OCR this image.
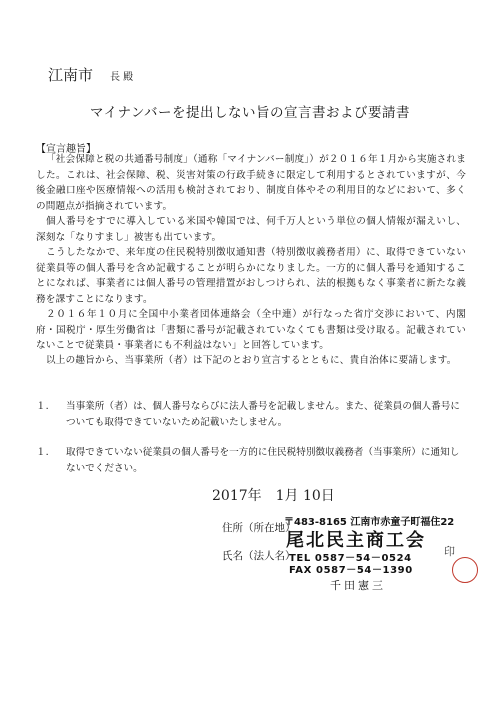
江南市 長 殿
マイナンバーを提出しない旨の宣言書および要請書
【宣言趣旨】
「社会保障と税の共通番号制度」（通称「マイナンバー制度」）が２０１６年１月から実施されました。これは、社会保障、税、災害対策の行政手続きに限定して利用するとされていますが、今後金融口座や医療情報への活用も検討されており、制度自体やその利用目的などにおいて、多くの問題点が指摘されています。
個人番号をすでに導入している米国や韓国では、何千万人という単位の個人情報が漏えいし、深刻な「なりすまし」被害も出ています。
こうしたなかで、来年度の住民税特別徴収通知書（特別徴収義務者用）に、取得できていない従業員等の個人番号を含め記載することが明らかになりました。一方的に個人番号を通知することになれば、事業者には個人番号の管理措置がおしつけられ、法的根拠もなく事業者に新たな義務を課すことになります。
２０１６年１０月に全国中小業者団体連絡会（全中連）が行なった省庁交渉において、内閣府・国税庁・厚生労働省は「書類に番号が記載されていなくても書類は受け取る。記載されていないことで従業員・事業者にも不利益はない」と回答しています。
以上の趣旨から、当事業所（者）は下記のとおり宣言するとともに、貴自治体に要請します。
１.	当事業所（者）は、個人番号ならびに法人番号を記載しません。また、従業員の個人番号についても取得できていないため記載いたしません。
１.	取得できていない従業員の個人番号を一方的に住民税特別徴収義務者（当事業所）に通知しないでください。
2017年　1月 10日
住所（所在地）
氏名（法人名）
〒483-8165 江南市赤童子町福住22
尾北民主商工会
TEL 0587－54－0524
FAX 0587－54－1390
千田憲三
印
